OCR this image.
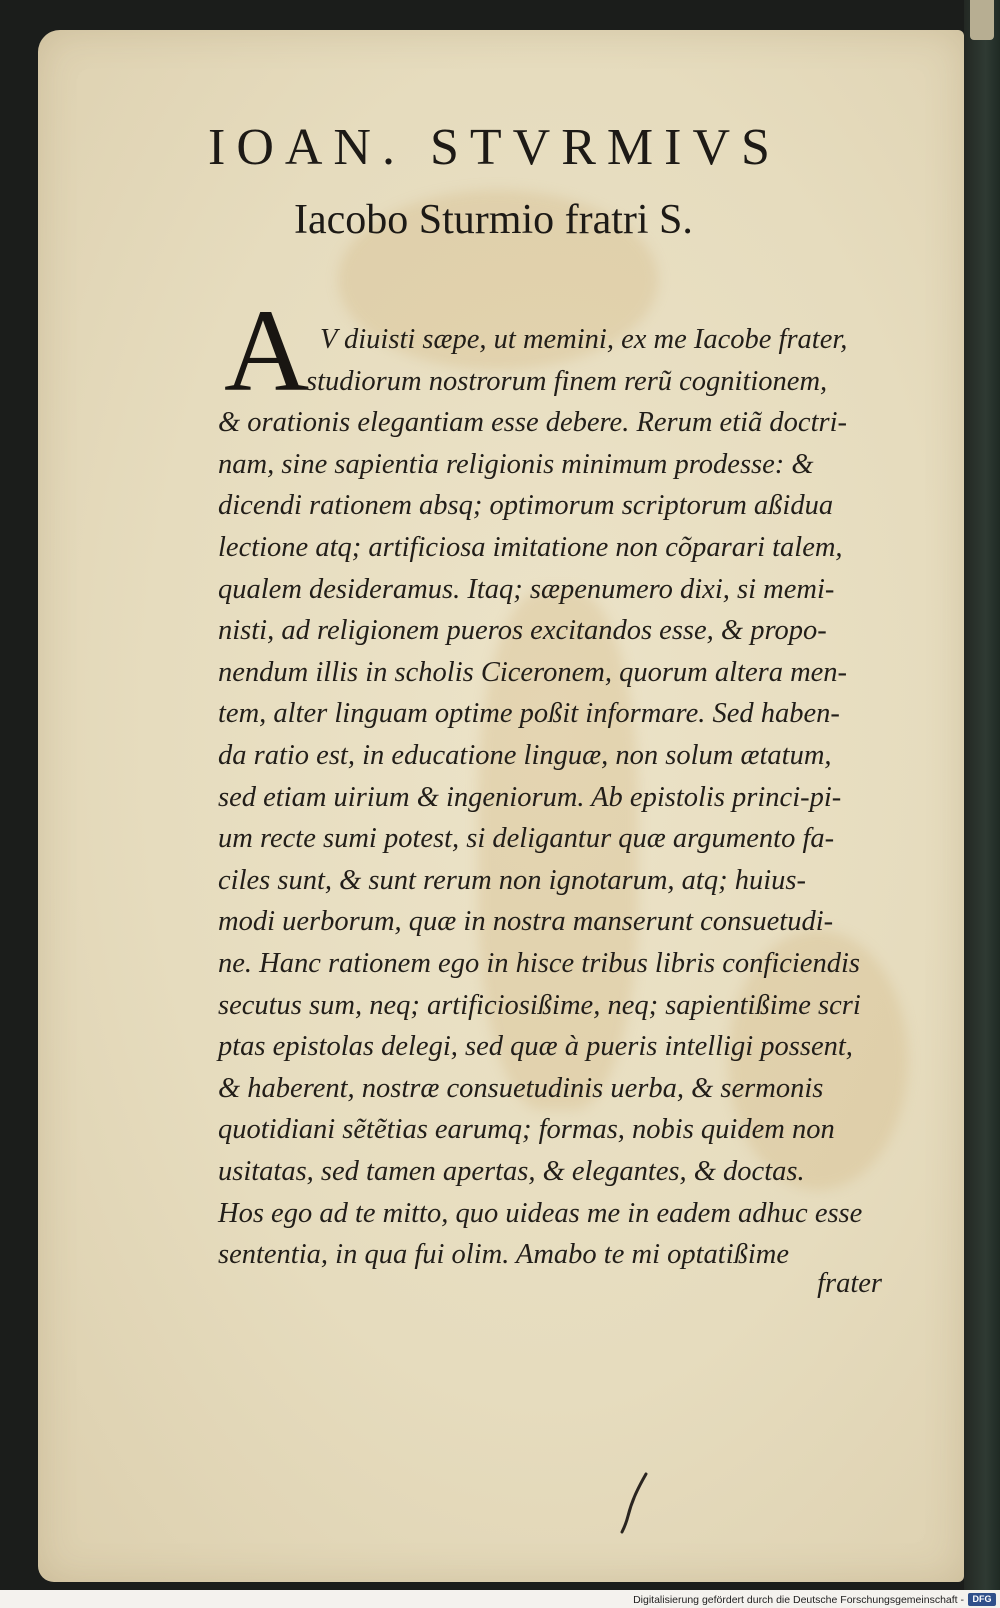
IOAN. STVRMIVS
Iacobo Sturmio fratri S.
A V diuisti sæpe, ut memini, ex me Iacobe frater,

studiorum nostrorum finem rerũ cognitionem,

& orationis elegantiam esse debere. Rerum etiã doctri-

nam, sine sapientia religionis minimum prodesse: &

dicendi rationem absq; optimorum scriptorum aßidua

lectione atq; artificiosa imitatione non cõparari talem,

qualem desideramus. Itaq; sæpenumero dixi, si memi-

nisti, ad religionem pueros excitandos esse, & propo-

nendum illis in scholis Ciceronem, quorum altera men-

tem, alter linguam optime poßit informare. Sed haben-

da ratio est, in educatione linguæ, non solum ætatum,

sed etiam uirium & ingeniorum. Ab epistolis princi-pi-

um recte sumi potest, si deligantur quæ argumento fa-

ciles sunt, & sunt rerum non ignotarum, atq; huius-

modi uerborum, quæ in nostra manserunt consuetudi-

ne. Hanc rationem ego in hisce tribus libris conficiendis

secutus sum, neq; artificiosißime, neq; sapientißime scri

ptas epistolas delegi, sed quæ à pueris intelligi possent,

& haberent, nostræ consuetudinis uerba, & sermonis

quotidiani sẽtẽtias earumq; formas, nobis quidem non

usitatas, sed tamen apertas, & elegantes, & doctas.

Hos ego ad te mitto, quo uideas me in eadem adhuc esse

sententia, in qua fui olim. Amabo te mi optatißime

frater

Digitalisierung gefördert durch die Deutsche Forschungsgemeinschaft - DFG
